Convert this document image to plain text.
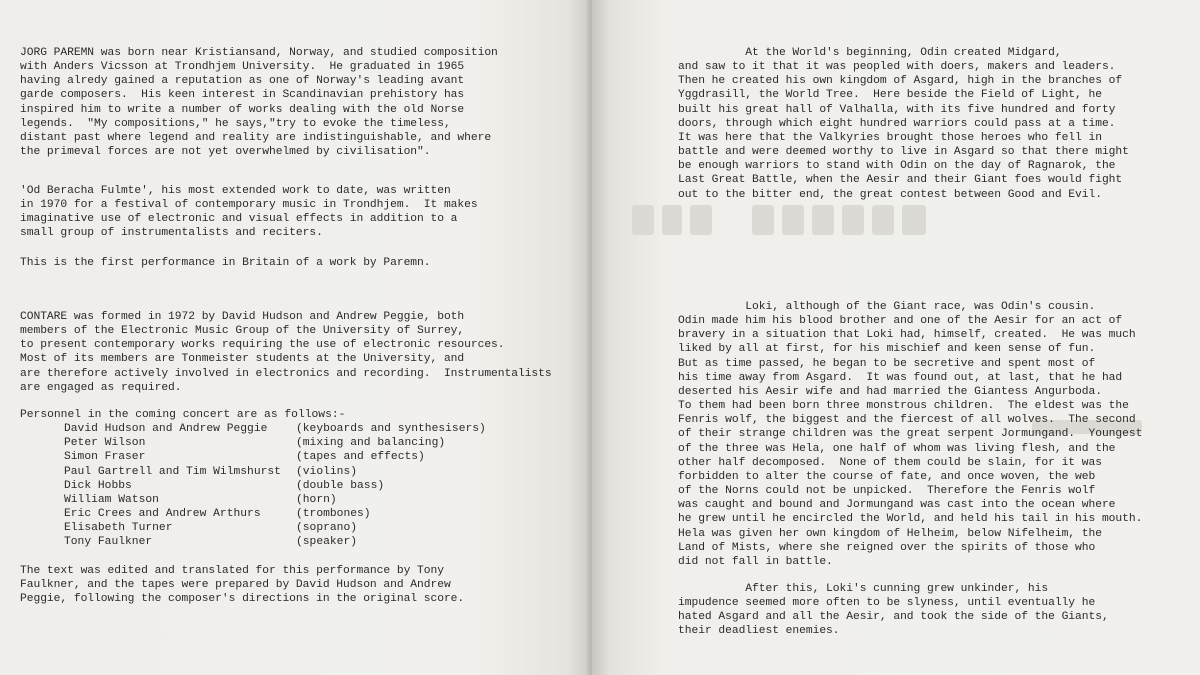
JORG PAREMN was born near Kristiansand, Norway, and studied composition
with Anders Vicsson at Trondhjem University.  He graduated in 1965
having alredy gained a reputation as one of Norway's leading avant
garde composers.  His keen interest in Scandinavian prehistory has
inspired him to write a number of works dealing with the old Norse
legends.  "My compositions," he says,"try to evoke the timeless,
distant past where legend and reality are indistinguishable, and where
the primeval forces are not yet overwhelmed by civilisation".

'Od Beracha Fulmte', his most extended work to date, was written
in 1970 for a festival of contemporary music in Trondhjem.  It makes
imaginative use of electronic and visual effects in addition to a
small group of instrumentalists and reciters.

This is the first performance in Britain of a work by Paremn.

CONTARE was formed in 1972 by David Hudson and Andrew Peggie, both
members of the Electronic Music Group of the University of Surrey,
to present contemporary works requiring the use of electronic resources.
Most of its members are Tonmeister students at the University, and
are therefore actively involved in electronics and recording.  Instrumentalists
are engaged as required.

Personnel in the coming concert are as follows:-
David Hudson and Andrew Peggie	(keyboards and synthesisers)
Peter Wilson	(mixing and balancing)
Simon Fraser	(tapes and effects)
Paul Gartrell and Tim Wilmshurst	(violins)
Dick Hobbs	(double bass)
William Watson	(horn)
Eric Crees and Andrew Arthurs	(trombones)
Elisabeth Turner	(soprano)
Tony Faulkner	(speaker)

The text was edited and translated for this performance by Tony
Faulkner, and the tapes were prepared by David Hudson and Andrew
Peggie, following the composer's directions in the original score.

At the World's beginning, Odin created Midgard,
and saw to it that it was peopled with doers, makers and leaders.
Then he created his own kingdom of Asgard, high in the branches of
Yggdrasill, the World Tree.  Here beside the Field of Light, he
built his great hall of Valhalla, with its five hundred and forty
doors, through which eight hundred warriors could pass at a time.
It was here that the Valkyries brought those heroes who fell in
battle and were deemed worthy to live in Asgard so that there might
be enough warriors to stand with Odin on the day of Ragnarok, the
Last Great Battle, when the Aesir and their Giant foes would fight
out to the bitter end, the great contest between Good and Evil.

Loki, although of the Giant race, was Odin's cousin.
Odin made him his blood brother and one of the Aesir for an act of
bravery in a situation that Loki had, himself, created.  He was much
liked by all at first, for his mischief and keen sense of fun.
But as time passed, he began to be secretive and spent most of
his time away from Asgard.  It was found out, at last, that he had
deserted his Aesir wife and had married the Giantess Angurboda.
To them had been born three monstrous children.  The eldest was the
Fenris wolf, the biggest and the fiercest of all wolves.  The second
of their strange children was the great serpent Jormungand.  Youngest
of the three was Hela, one half of whom was living flesh, and the
other half decomposed.  None of them could be slain, for it was
forbidden to alter the course of fate, and once woven, the web
of the Norns could not be unpicked.  Therefore the Fenris wolf
was caught and bound and Jormungand was cast into the ocean where
he grew until he encircled the World, and held his tail in his mouth.
Hela was given her own kingdom of Helheim, below Nifelheim, the
Land of Mists, where she reigned over the spirits of those who
did not fall in battle.

After this, Loki's cunning grew unkinder, his
impudence seemed more often to be slyness, until eventually he
hated Asgard and all the Aesir, and took the side of the Giants,
their deadliest enemies.
